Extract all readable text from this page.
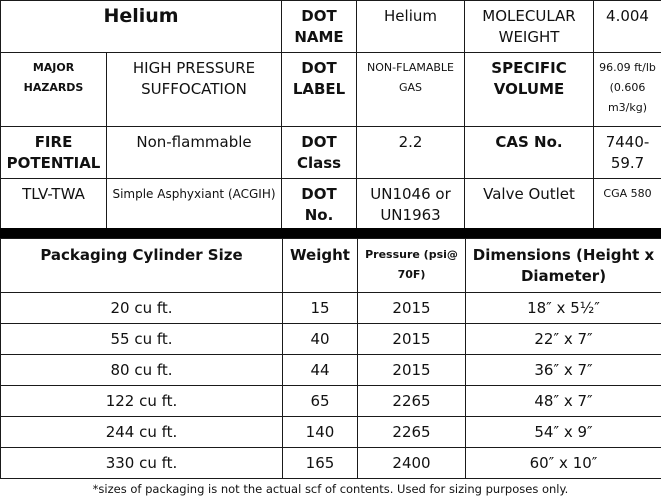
Helium		DOT NAME	Helium	MOLECULAR WEIGHT	4.004
MAJOR HAZARDS	HIGH PRESSURE SUFFOCATION	DOT LABEL	NON-FLAMABLE GAS	SPECIFIC VOLUME	96.09 ft/lb (0.606 m3/kg)
FIRE POTENTIAL	Non-flammable	DOT Class	2.2	CAS No.	7440-59.7
TLV-TWA	Simple Asphyxiant (ACGIH)	DOT No.	UN1046 or UN1963	Valve Outlet	CGA 580
Packaging Cylinder Size	Weight	Pressure (psi@ 70F)	Dimensions (Height x Diameter)
20 cu ft.	15	2015	18″ x 5½″
55 cu ft.	40	2015	22″ x 7″
80 cu ft.	44	2015	36″ x 7″
122 cu ft.	65	2265	48″ x 7″
244 cu ft.	140	2265	54″ x 9″
330 cu ft.	165	2400	60″ x 10″
*sizes of packaging is not the actual scf of contents. Used for sizing purposes only.
